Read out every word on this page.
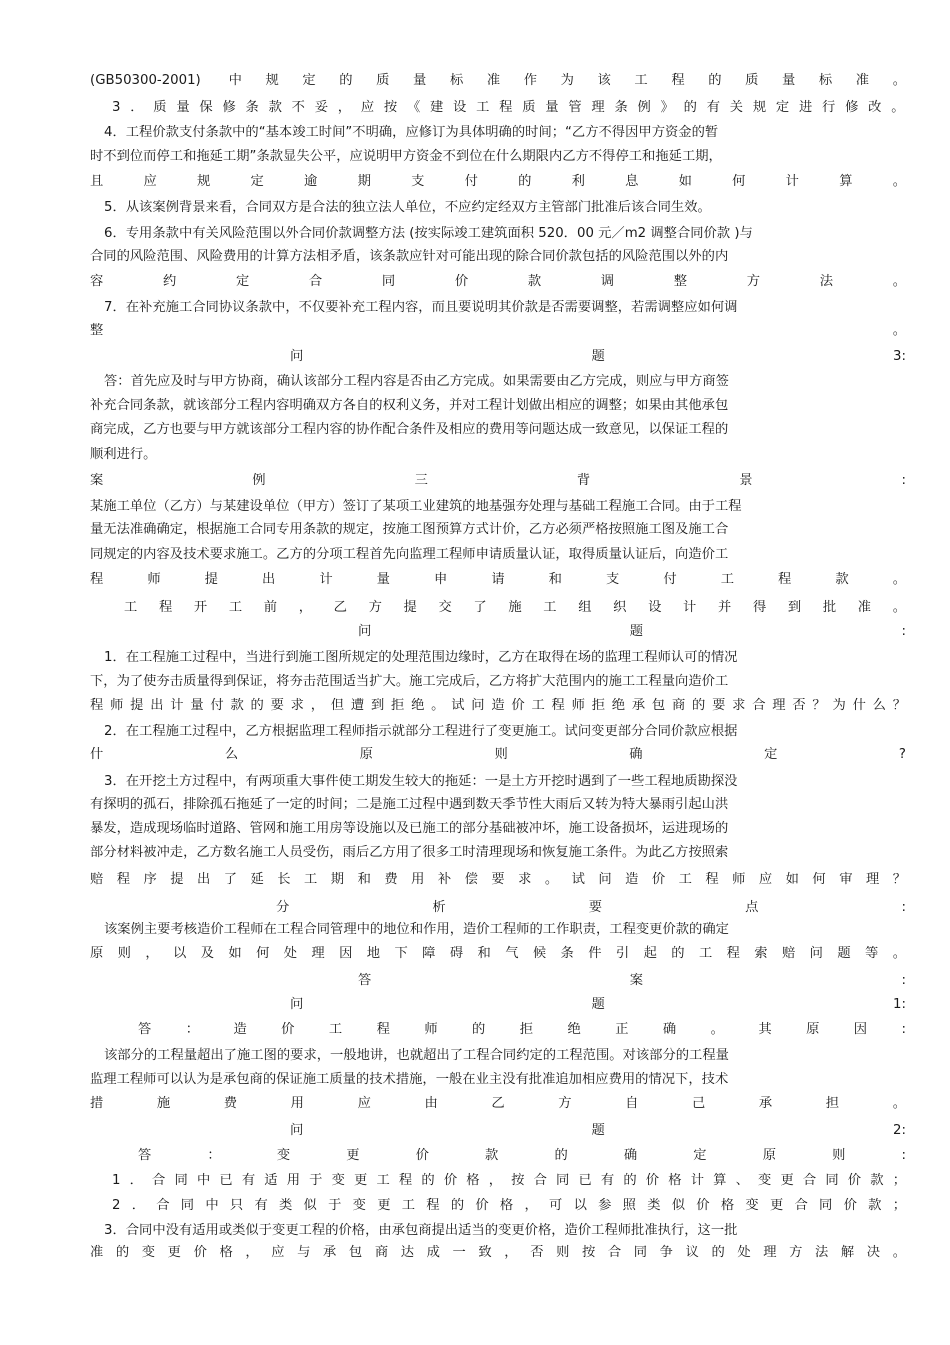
(GB50300-2001) 中规定的质量标准作为该工程的质量标准。
3．质量保修条款不妥，应按《建设工程质量管理条例》的有关规定进行修改。
4．工程价款支付条款中的“基本竣工时间”不明确，应修订为具体明确的时间；“乙方不得因甲方资金的暂
时不到位而停工和拖延工期”条款显失公平，应说明甲方资金不到位在什么期限内乙方不得停工和拖延工期，
且应规定逾期支付的利息如何计算。
5．从该案例背景来看，合同双方是合法的独立法人单位，不应约定经双方主管部门批准后该合同生效。
6．专用条款中有关风险范围以外合同价款调整方法 (按实际竣工建筑面积 520．00 元／m2 调整合同价款 )与
合同的风险范围、风险费用的计算方法相矛盾，该条款应针对可能出现的除合同价款包括的风险范围以外的内
容约定合同价款调整方法。
7．在补充施工合同协议条款中，不仅要补充工程内容，而且要说明其价款是否需要调整，若需调整应如何调
整。
问题3:
答：首先应及时与甲方协商，确认该部分工程内容是否由乙方完成。如果需要由乙方完成，则应与甲方商签
补充合同条款，就该部分工程内容明确双方各自的权利义务，并对工程计划做出相应的调整；如果由其他承包
商完成，乙方也要与甲方就该部分工程内容的协作配合条件及相应的费用等问题达成一致意见，以保证工程的
顺利进行。
案例三背景:
某施工单位（乙方）与某建设单位（甲方）签订了某项工业建筑的地基强夯处理与基础工程施工合同。由于工程
量无法准确确定，根据施工合同专用条款的规定，按施工图预算方式计价，乙方必须严格按照施工图及施工合
同规定的内容及技术要求施工。乙方的分项工程首先向监理工程师申请质量认证，取得质量认证后，向造价工
程师提出计量申请和支付工程款。
工程开工前，乙方提交了施工组织设计并得到批准。
问题:
1．在工程施工过程中，当进行到施工图所规定的处理范围边缘时，乙方在取得在场的监理工程师认可的情况
下，为了使夯击质量得到保证，将夯击范围适当扩大。施工完成后，乙方将扩大范围内的施工工程量向造价工
程师提出计量付款的要求，但遭到拒绝。试问造价工程师拒绝承包商的要求合理否？为什么？
2．在工程施工过程中，乙方根据监理工程师指示就部分工程进行了变更施工。试问变更部分合同价款应根据
什么原则确定?
3．在开挖土方过程中，有两项重大事件使工期发生较大的拖延：一是土方开挖时遇到了一些工程地质勘探没
有探明的孤石，排除孤石拖延了一定的时间；二是施工过程中遇到数天季节性大雨后又转为特大暴雨引起山洪
暴发，造成现场临时道路、管网和施工用房等设施以及已施工的部分基础被冲坏，施工设备损坏，运进现场的
部分材料被冲走，乙方数名施工人员受伤，雨后乙方用了很多工时清理现场和恢复施工条件。为此乙方按照索
赔程序提出了延长工期和费用补偿要求。试问造价工程师应如何审理？
分析要点:
该案例主要考核造价工程师在工程合同管理中的地位和作用，造价工程师的工作职责，工程变更价款的确定
原则，以及如何处理因地下障碍和气候条件引起的工程索赔问题等。
答案:
问题1:
答：造价工程师的拒绝正确。其原因:
该部分的工程量超出了施工图的要求，一般地讲，也就超出了工程合同约定的工程范围。对该部分的工程量
监理工程师可以认为是承包商的保证施工质量的技术措施，一般在业主没有批准追加相应费用的情况下，技术
措施费用应由乙方自己承担。
问题2:
答：变更价款的确定原则:
1．合同中已有适用于变更工程的价格，按合同已有的价格计算、变更合同价款；
2．合同中只有类似于变更工程的价格，可以参照类似价格变更合同价款；
3．合同中没有适用或类似于变更工程的价格，由承包商提出适当的变更价格，造价工程师批准执行，这一批
准的变更价格，应与承包商达成一致，否则按合同争议的处理方法解决。
